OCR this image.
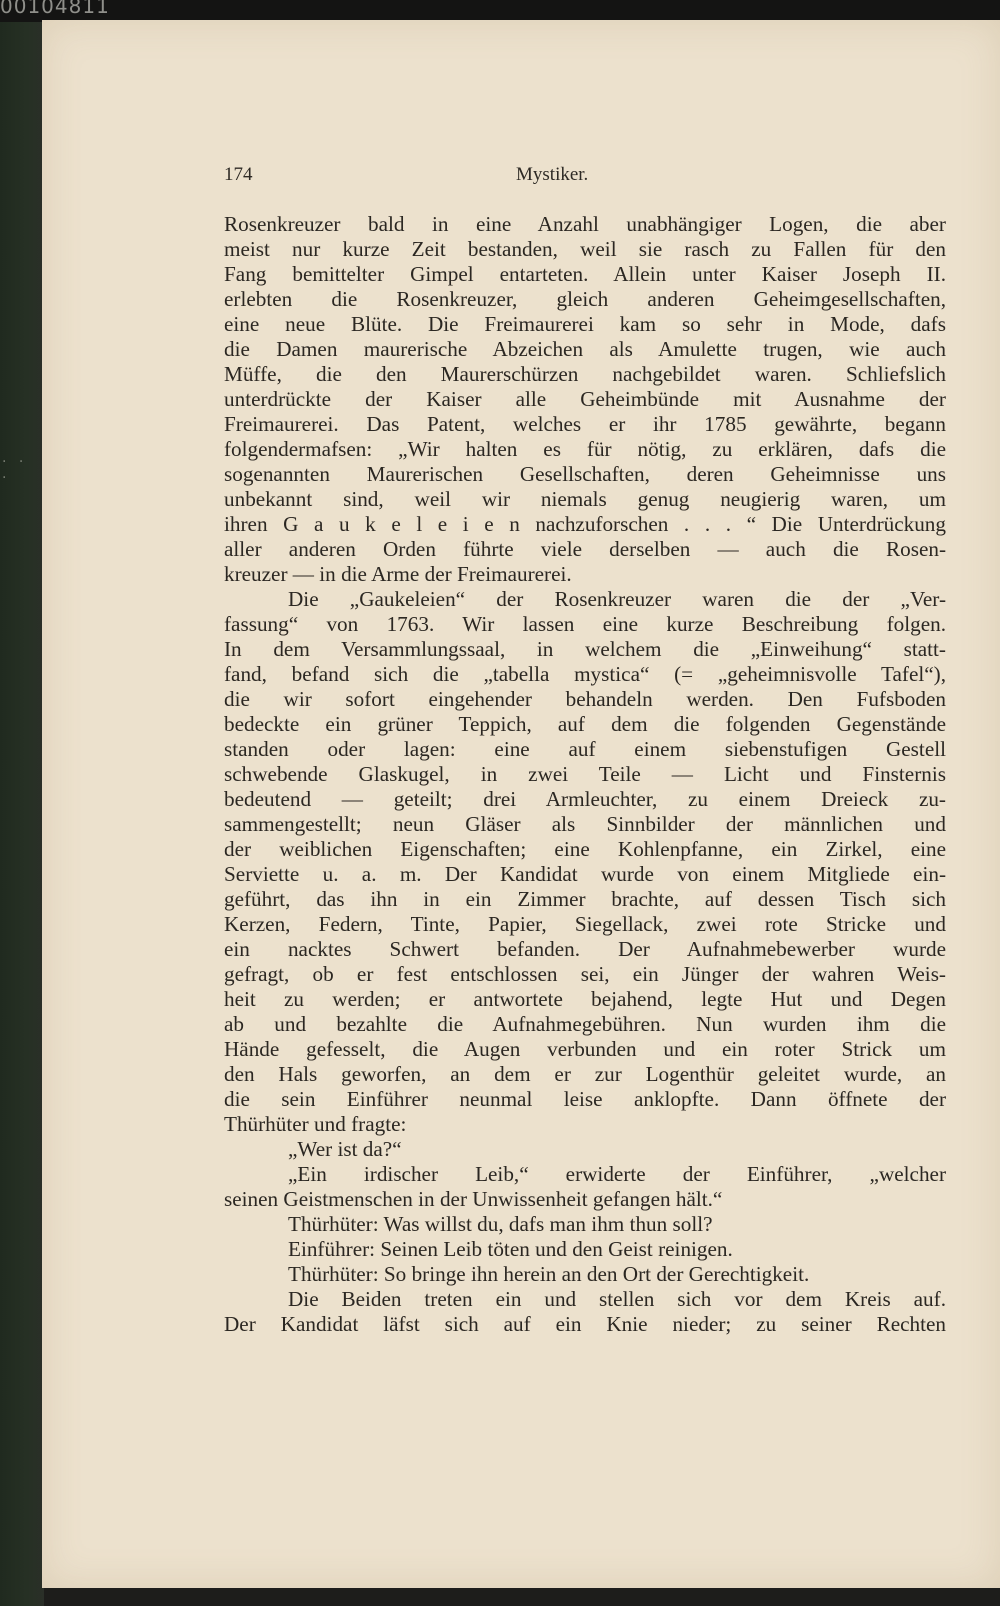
00104811
· · ·
174	Mystiker.
Rosenkreuzer bald in eine Anzahl unabhängiger Logen, die aber
meist nur kurze Zeit bestanden, weil sie rasch zu Fallen für den
Fang bemittelter Gimpel entarteten. Allein unter Kaiser Joseph II.
erlebten die Rosenkreuzer, gleich anderen Geheimgesellschaften,
eine neue Blüte. Die Freimaurerei kam so sehr in Mode, dafs
die Damen maurerische Abzeichen als Amulette trugen, wie auch
Müffe, die den Maurerschürzen nachgebildet waren. Schliefslich
unterdrückte der Kaiser alle Geheimbünde mit Ausnahme der
Freimaurerei. Das Patent, welches er ihr 1785 gewährte, begann
folgendermafsen: „Wir halten es für nötig, zu erklären, dafs die
sogenannten Maurerischen Gesellschaften, deren Geheimnisse uns
unbekannt sind, weil wir niemals genug neugierig waren, um
ihren G a u k e l e i e n nachzuforschen . . . “ Die Unterdrückung
aller anderen Orden führte viele derselben — auch die Rosen-
kreuzer — in die Arme der Freimaurerei.
Die „Gaukeleien“ der Rosenkreuzer waren die der „Ver-
fassung“ von 1763. Wir lassen eine kurze Beschreibung folgen.
In dem Versammlungssaal, in welchem die „Einweihung“ statt-
fand, befand sich die „tabella mystica“ (= „geheimnisvolle Tafel“),
die wir sofort eingehender behandeln werden. Den Fufsboden
bedeckte ein grüner Teppich, auf dem die folgenden Gegenstände
standen oder lagen: eine auf einem siebenstufigen Gestell
schwebende Glaskugel, in zwei Teile — Licht und Finsternis
bedeutend — geteilt; drei Armleuchter, zu einem Dreieck zu-
sammengestellt; neun Gläser als Sinnbilder der männlichen und
der weiblichen Eigenschaften; eine Kohlenpfanne, ein Zirkel, eine
Serviette u. a. m. Der Kandidat wurde von einem Mitgliede ein-
geführt, das ihn in ein Zimmer brachte, auf dessen Tisch sich
Kerzen, Federn, Tinte, Papier, Siegellack, zwei rote Stricke und
ein nacktes Schwert befanden. Der Aufnahmebewerber wurde
gefragt, ob er fest entschlossen sei, ein Jünger der wahren Weis-
heit zu werden; er antwortete bejahend, legte Hut und Degen
ab und bezahlte die Aufnahmegebühren. Nun wurden ihm die
Hände gefesselt, die Augen verbunden und ein roter Strick um
den Hals geworfen, an dem er zur Logenthür geleitet wurde, an
die sein Einführer neunmal leise anklopfte. Dann öffnete der
Thürhüter und fragte:
„Wer ist da?“
„Ein irdischer Leib,“ erwiderte der Einführer, „welcher
seinen Geistmenschen in der Unwissenheit gefangen hält.“
Thürhüter: Was willst du, dafs man ihm thun soll?
Einführer: Seinen Leib töten und den Geist reinigen.
Thürhüter: So bringe ihn herein an den Ort der Gerechtigkeit.
Die Beiden treten ein und stellen sich vor dem Kreis auf.
Der Kandidat läfst sich auf ein Knie nieder; zu seiner Rechten
